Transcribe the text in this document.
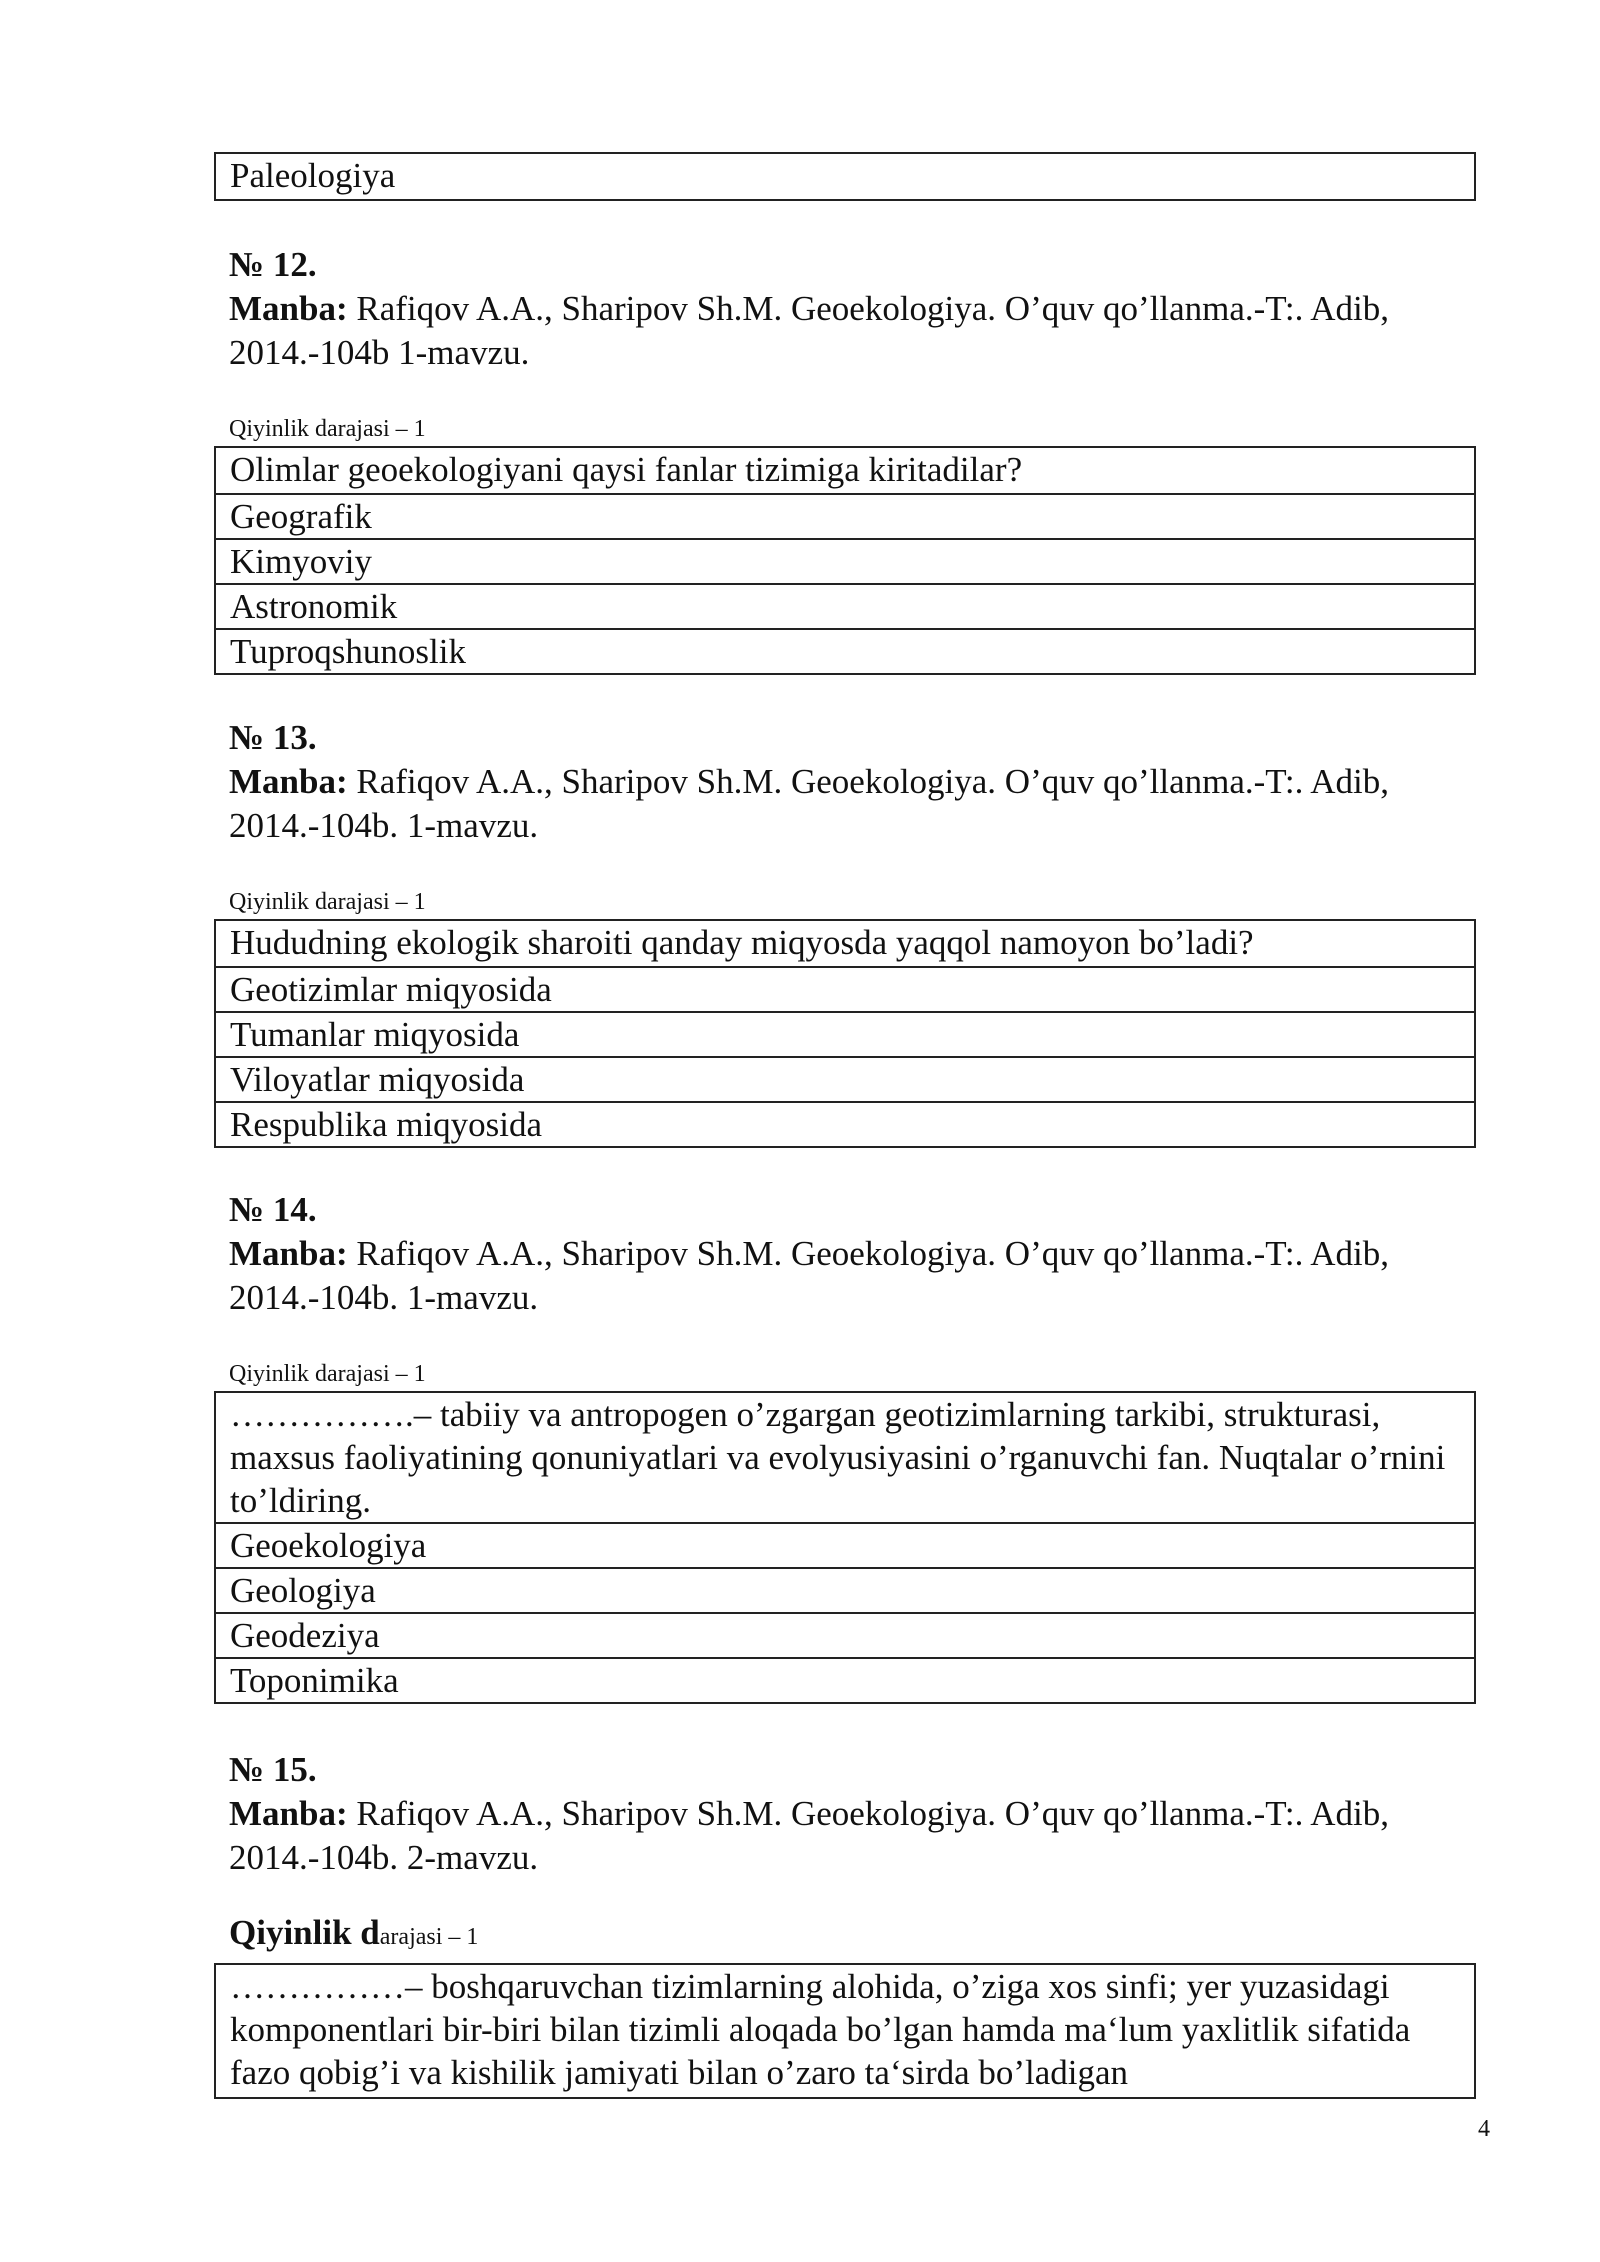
Paleologiya

№ 12.

Manba: Rafiqov A.A., Sharipov Sh.M. Geoekologiya. O’quv qo’llanma.-T:. Adib,

2014.-104b 1-mavzu.

Qiyinlik darajasi – 1
Olimlar geoekologiyani qaysi fanlar tizimiga kiritadilar?
Geografik
Kimyoviy
Astronomik
Tuproqshunoslik

№ 13.

Manba: Rafiqov A.A., Sharipov Sh.M. Geoekologiya. O’quv qo’llanma.-T:. Adib,

2014.-104b. 1-mavzu.

Qiyinlik darajasi – 1
Hududning ekologik sharoiti qanday miqyosda yaqqol namoyon bo’ladi?
Geotizimlar miqyosida
Tumanlar miqyosida
Viloyatlar miqyosida
Respublika miqyosida

№ 14.

Manba: Rafiqov A.A., Sharipov Sh.M. Geoekologiya. O’quv qo’llanma.-T:. Adib,

2014.-104b. 1-mavzu.

Qiyinlik darajasi – 1
…………….– tabiiy va antropogen o’zgargan geotizimlarning tarkibi, strukturasi, maxsus faoliyatining qonuniyatlari va evolyusiyasini o’rganuvchi fan. Nuqtalar o’rnini to’ldiring.
Geoekologiya
Geologiya
Geodeziya
Toponimika

№ 15.

Manba: Rafiqov A.A., Sharipov Sh.M. Geoekologiya. O’quv qo’llanma.-T:. Adib,

2014.-104b. 2-mavzu.

Qiyinlik darajasi – 1
……………– boshqaruvchan tizimlarning alohida, o’ziga xos sinfi; yer yuzasidagi komponentlari bir-biri bilan tizimli aloqada bo’lgan hamda ma‘lum yaxlitlik sifatida fazo qobig’i va kishilik jamiyati bilan o’zaro ta‘sirda bo’ladigan
4
